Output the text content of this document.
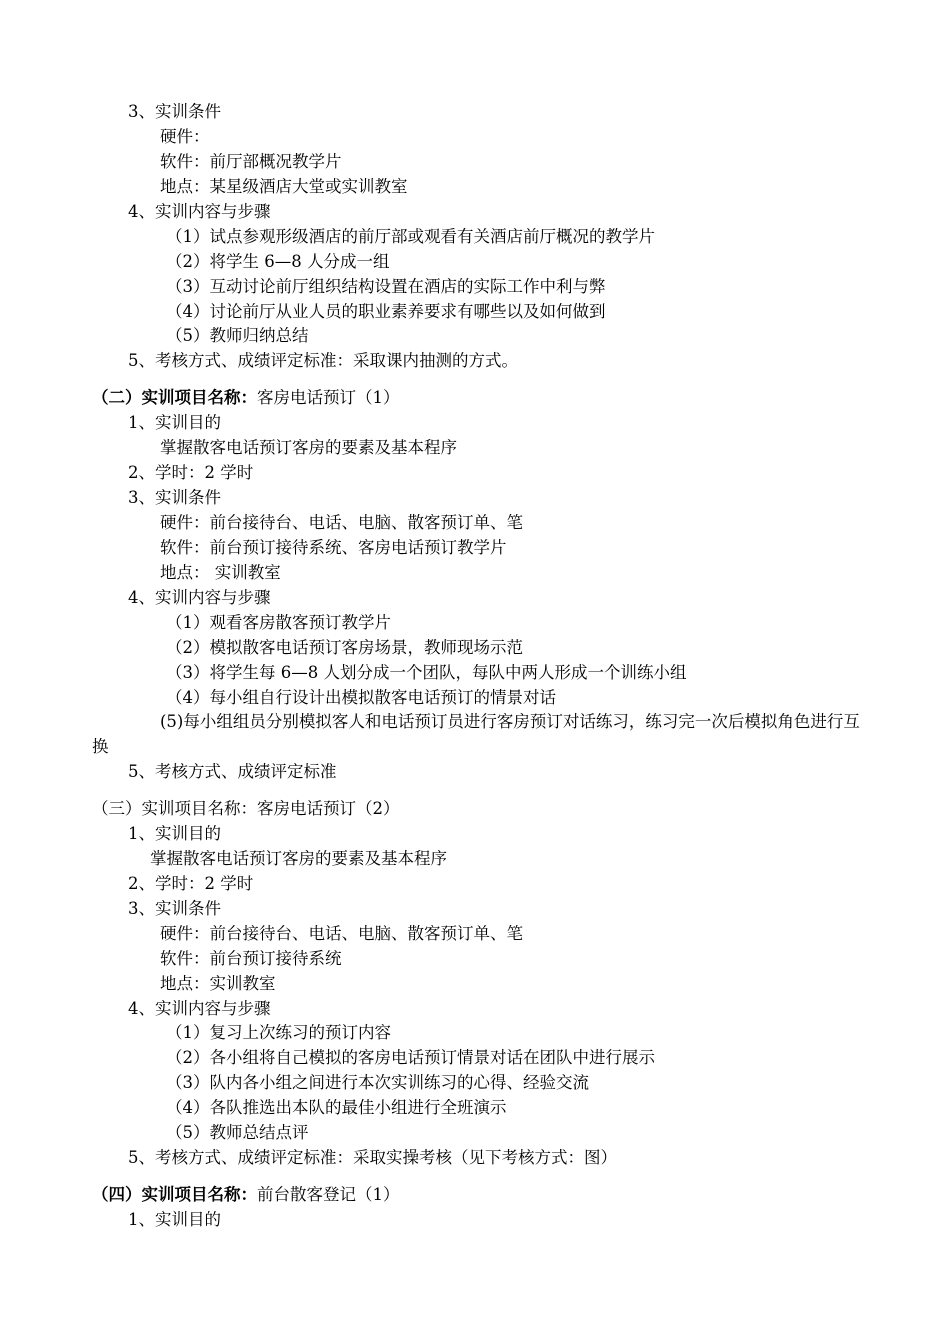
3、实训条件
硬件：
软件：前厅部概况教学片
地点：某星级酒店大堂或实训教室
4、实训内容与步骤
（1）试点参观形级酒店的前厅部或观看有关酒店前厅概况的教学片
（2）将学生 6—8 人分成一组
（3）互动讨论前厅组织结构设置在酒店的实际工作中利与弊
（4）讨论前厅从业人员的职业素养要求有哪些以及如何做到
（5）教师归纳总结
5、考核方式、成绩评定标准：采取课内抽测的方式。
（二）实训项目名称：客房电话预订（1）
1、实训目的
掌握散客电话预订客房的要素及基本程序
2、学时：2 学时
3、实训条件
硬件：前台接待台、电话、电脑、散客预订单、笔
软件：前台预订接待系统、客房电话预订教学片
地点： 实训教室
4、实训内容与步骤
（1）观看客房散客预订教学片
（2）模拟散客电话预订客房场景，教师现场示范
（3）将学生每 6—8 人划分成一个团队，每队中两人形成一个训练小组
（4）每小组自行设计出模拟散客电话预订的情景对话
(5)每小组组员分别模拟客人和电话预订员进行客房预订对话练习，练习完一次后模拟角色进行互换
5、考核方式、成绩评定标准
（三）实训项目名称：客房电话预订（2）
1、实训目的
掌握散客电话预订客房的要素及基本程序
2、学时：2 学时
3、实训条件
硬件：前台接待台、电话、电脑、散客预订单、笔
软件：前台预订接待系统
地点：实训教室
4、实训内容与步骤
（1）复习上次练习的预订内容
（2）各小组将自己模拟的客房电话预订情景对话在团队中进行展示
（3）队内各小组之间进行本次实训练习的心得、经验交流
（4）各队推选出本队的最佳小组进行全班演示
（5）教师总结点评
5、考核方式、成绩评定标准：采取实操考核（见下考核方式：图）
（四）实训项目名称：前台散客登记（1）
1、实训目的
